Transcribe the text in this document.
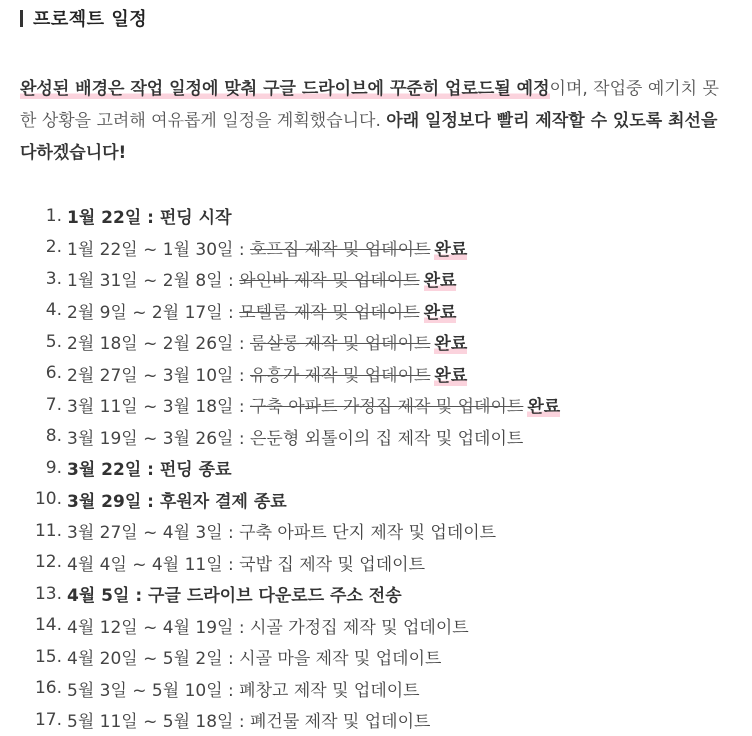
프로젝트 일정

완성된 배경은 작업 일정에 맞춰 구글 드라이브에 꾸준히 업로드될 예정이며, 작업중 예기치 못한 상황을 고려해 여유롭게 일정을 계획했습니다. 아래 일정보다 빨리 제작할 수 있도록 최선을 다하겠습니다!

1. 1월 22일 : 펀딩 시작
2. 1월 22일 ~ 1월 30일 : 호프집 제작 및 업데이트 완료
3. 1월 31일 ~ 2월 8일 : 와인바 제작 및 업데이트 완료
4. 2월 9일 ~ 2월 17일 : 모텔룸 제작 및 업데이트 완료
5. 2월 18일 ~ 2월 26일 : 룸살롱 제작 및 업데이트 완료
6. 2월 27일 ~ 3월 10일 : 유흥가 제작 및 업데이트 완료
7. 3월 11일 ~ 3월 18일 : 구축 아파트 가정집 제작 및 업데이트 완료
8. 3월 19일 ~ 3월 26일 : 은둔형 외톨이의 집 제작 및 업데이트
9. 3월 22일 : 펀딩 종료
10. 3월 29일 : 후원자 결제 종료
11. 3월 27일 ~ 4월 3일 : 구축 아파트 단지 제작 및 업데이트
12. 4월 4일 ~ 4월 11일 : 국밥 집 제작 및 업데이트
13. 4월 5일 : 구글 드라이브 다운로드 주소 전송
14. 4월 12일 ~ 4월 19일 : 시골 가정집 제작 및 업데이트
15. 4월 20일 ~ 5월 2일 : 시골 마을 제작 및 업데이트
16. 5월 3일 ~ 5월 10일 : 폐창고 제작 및 업데이트
17. 5월 11일 ~ 5월 18일 : 폐건물 제작 및 업데이트
